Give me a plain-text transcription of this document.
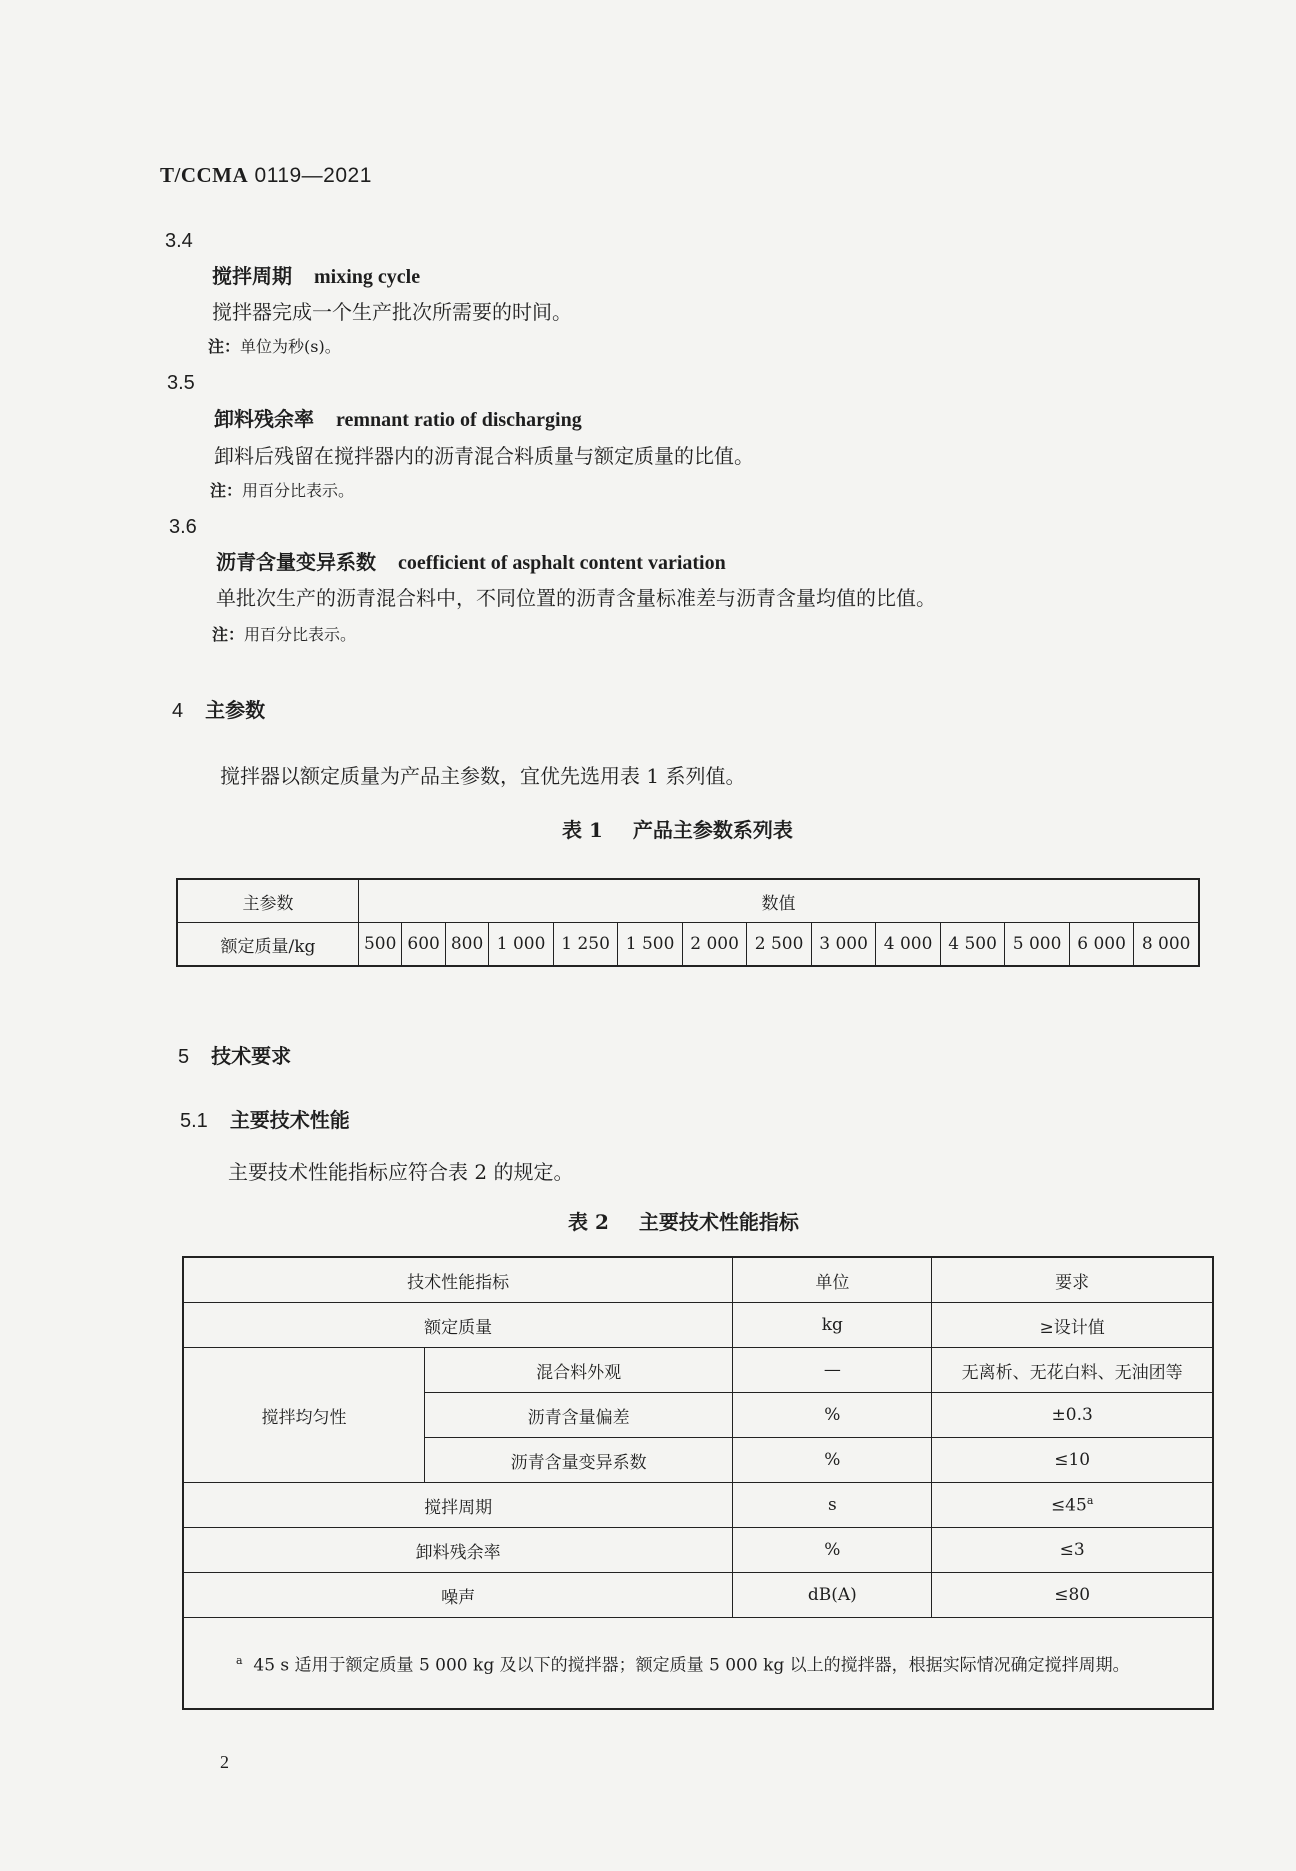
T/CCMA 0119—2021
3.4
搅拌周期 mixing cycle
搅拌器完成一个生产批次所需要的时间。
注：单位为秒(s)。
3.5
卸料残余率 remnant ratio of discharging
卸料后残留在搅拌器内的沥青混合料质量与额定质量的比值。
注：用百分比表示。
3.6
沥青含量变异系数 coefficient of asphalt content variation
单批次生产的沥青混合料中，不同位置的沥青含量标准差与沥青含量均值的比值。
注：用百分比表示。
4 主参数
搅拌器以额定质量为产品主参数，宜优先选用表 1 系列值。
表 1 产品主参数系列表
主参数	数值													
额定质量/kg	500	600	800	1 000	1 250	1 500	2 000	2 500	3 000	4 000	4 500	5 000	6 000	8 000
5 技术要求
5.1 主要技术性能
主要技术性能指标应符合表 2 的规定。
表 2 主要技术性能指标
技术性能指标		单位	要求
额定质量		kg	≥设计值
搅拌均匀性	混合料外观	—	无离析、无花白料、无油团等
	沥青含量偏差	%	±0.3
	沥青含量变异系数	%	≤10
搅拌周期		s	$\le 45^a$
卸料残余率		%	≤3
噪声		dB(A)	≤80
$^a$ 45 s 适用于额定质量 5 000 kg 及以下的搅拌器；额定质量 5 000 kg 以上的搅拌器，根据实际情况确定搅拌周期。			
2
